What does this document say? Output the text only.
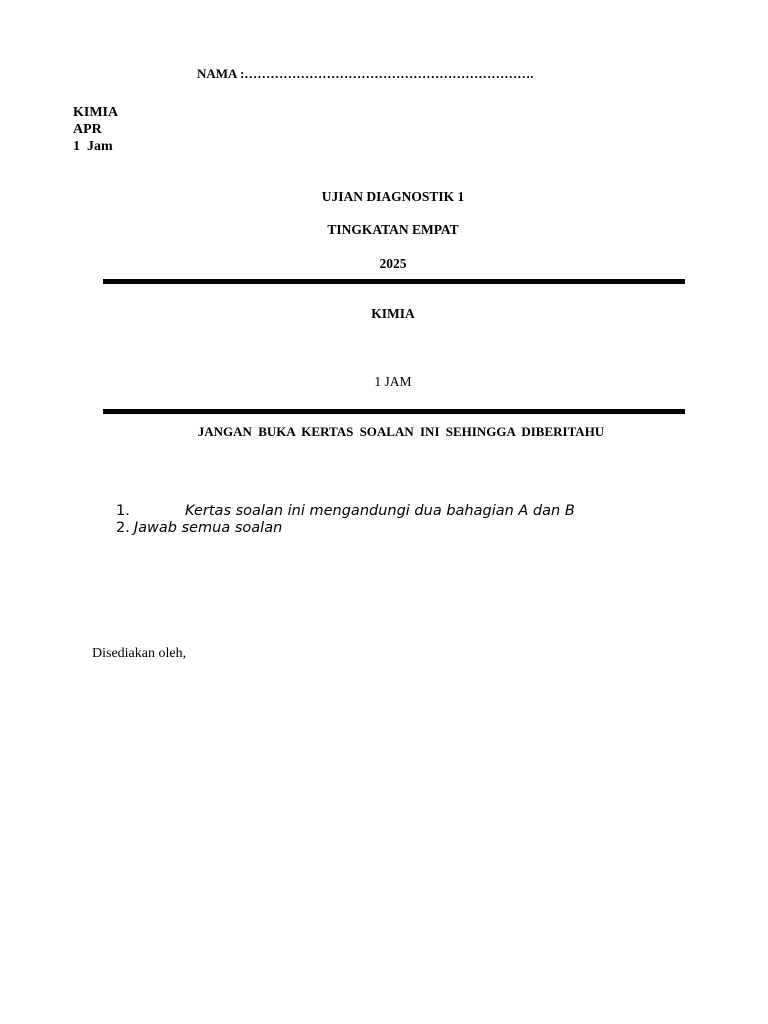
NAMA :………………………………………………………….
KIMIA
APR
1  Jam
UJIAN DIAGNOSTIK 1
TINGKATAN EMPAT
2025
KIMIA
1 JAM
JANGAN BUKA KERTAS SOALAN INI SEHINGGA DIBERITAHU
1.	Kertas soalan ini mengandungi dua bahagian A dan B
2. Jawab semua soalan
Disediakan oleh,
